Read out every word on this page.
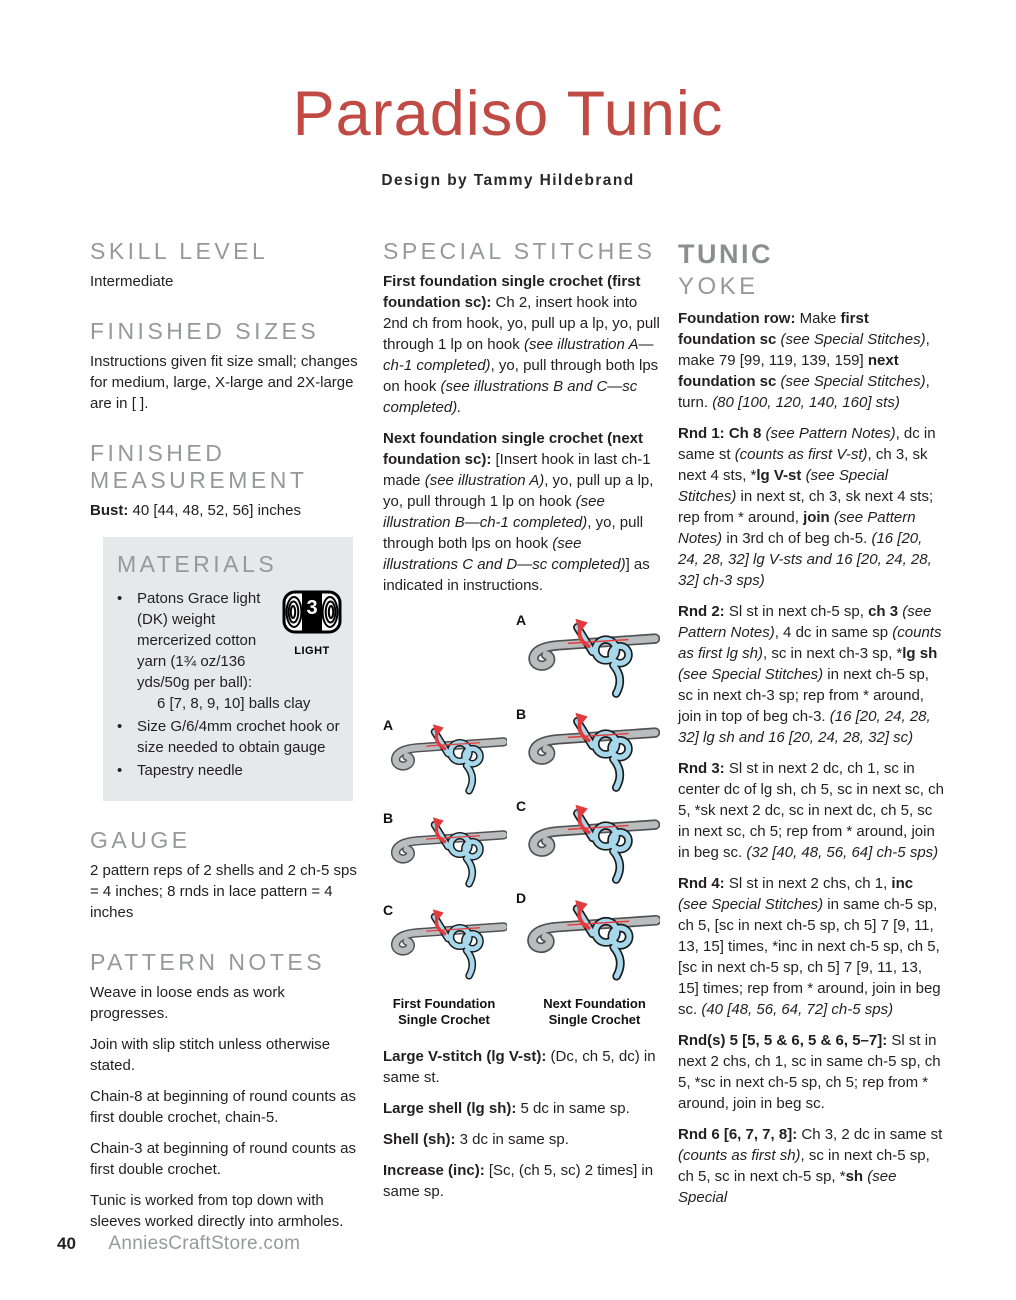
Paradiso Tunic
Design by Tammy Hildebrand
SKILL LEVEL

Intermediate

FINISHED SIZES

Instructions given fit size small; changes for medium, large, X-large and 2X-large are in [ ].

FINISHED MEASUREMENT

Bust: 40 [44, 48, 52, 56] inches

MATERIALS
•	3
LIGHT
Patons Grace light (DK) weight mercerized cotton yarn (1¾ oz/136 yds/50g per ball):
6 [7, 8, 9, 10] balls clay
• Size G/6/4mm crochet hook or size needed to obtain gauge
• Tapestry needle
GAUGE

2 pattern reps of 2 shells and 2 ch-5 sps = 4 inches; 8 rnds in lace pattern = 4 inches

PATTERN NOTES

Weave in loose ends as work progresses.

Join with slip stitch unless otherwise stated.

Chain-8 at beginning of round counts as first double crochet, chain-5.

Chain-3 at beginning of round counts as first double crochet.

Tunic is worked from top down with sleeves worked directly into armholes.

SPECIAL STITCHES

First foundation single crochet (first foundation sc): Ch 2, insert hook into 2nd ch from hook, yo, pull up a lp, yo, pull through 1 lp on hook (see illustration A—ch-1 completed), yo, pull through both lps on hook (see illustrations B and C—sc completed).

Next foundation single crochet (next foundation sc): [Insert hook in last ch-1 made (see illustration A), yo, pull up a lp, yo, pull through 1 lp on hook (see illustration B—ch-1 completed), yo, pull through both lps on hook (see illustrations C and D—sc completed)] as indicated in instructions.

A
B
C
D
A
B
C
First Foundation Single Crochet
Next Foundation Single Crochet

Large V-stitch (lg V-st): (Dc, ch 5, dc) in same st.

Large shell (lg sh): 5 dc in same sp.

Shell (sh): 3 dc in same sp.

Increase (inc): [Sc, (ch 5, sc) 2 times] in same sp.

TUNIC
YOKE

Foundation row: Make first foundation sc (see Special Stitches), make 79 [99, 119, 139, 159] next foundation sc (see Special Stitches), turn. (80 [100, 120, 140, 160] sts)

Rnd 1: Ch 8 (see Pattern Notes), dc in same st (counts as first V-st), ch 3, sk next 4 sts, *lg V-st (see Special Stitches) in next st, ch 3, sk next 4 sts; rep from * around, join (see Pattern Notes) in 3rd ch of beg ch-5. (16 [20, 24, 28, 32] lg V-sts and 16 [20, 24, 28, 32] ch-3 sps)

Rnd 2: Sl st in next ch-5 sp, ch 3 (see Pattern Notes), 4 dc in same sp (counts as first lg sh), sc in next ch-3 sp, *lg sh (see Special Stitches) in next ch-5 sp, sc in next ch-3 sp; rep from * around, join in top of beg ch-3. (16 [20, 24, 28, 32] lg sh and 16 [20, 24, 28, 32] sc)

Rnd 3: Sl st in next 2 dc, ch 1, sc in center dc of lg sh, ch 5, sc in next sc, ch 5, *sk next 2 dc, sc in next dc, ch 5, sc in next sc, ch 5; rep from * around, join in beg sc. (32 [40, 48, 56, 64] ch-5 sps)

Rnd 4: Sl st in next 2 chs, ch 1, inc (see Special Stitches) in same ch-5 sp, ch 5, [sc in next ch-5 sp, ch 5] 7 [9, 11, 13, 15] times, *inc in next ch-5 sp, ch 5, [sc in next ch-5 sp, ch 5] 7 [9, 11, 13, 15] times; rep from * around, join in beg sc. (40 [48, 56, 64, 72] ch-5 sps)

Rnd(s) 5 [5, 5 & 6, 5 & 6, 5–7]: Sl st in next 2 chs, ch 1, sc in same ch-5 sp, ch 5, *sc in next ch-5 sp, ch 5; rep from * around, join in beg sc.

Rnd 6 [6, 7, 7, 8]: Ch 3, 2 dc in same st (counts as first sh), sc in next ch-5 sp, ch 5, sc in next ch-5 sp, *sh (see Special

40 AnniesCraftStore.com
